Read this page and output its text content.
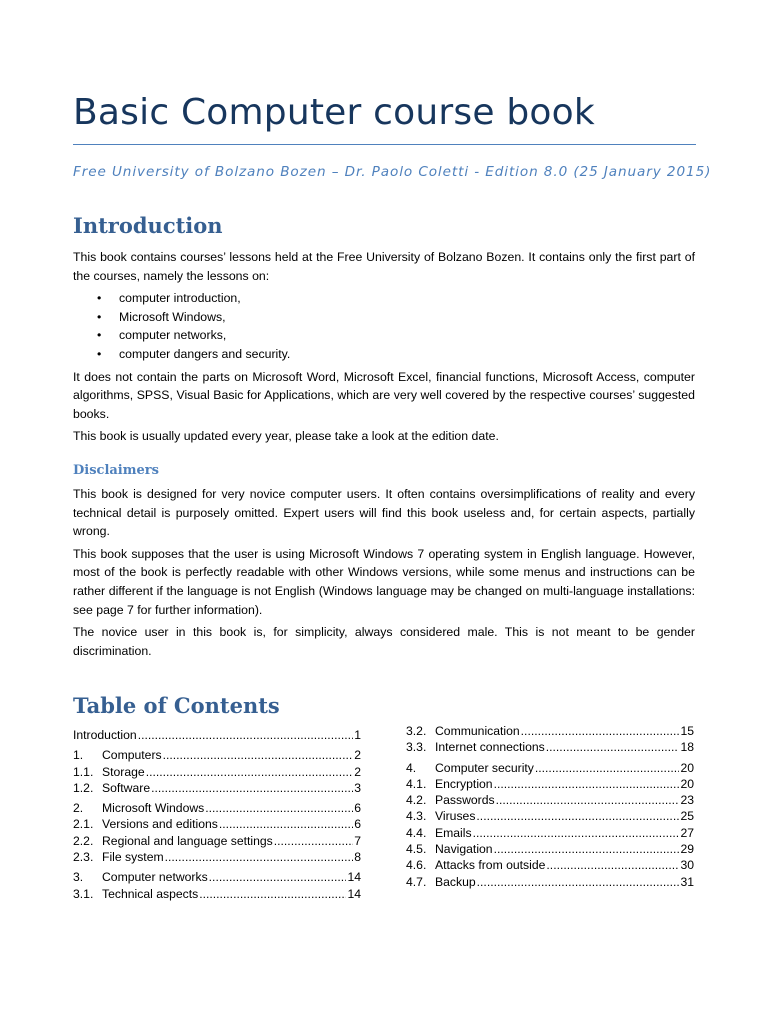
Basic Computer course book
Free University of Bolzano Bozen – Dr. Paolo Coletti - Edition 8.0 (25 January 2015)
Introduction

This book contains courses’ lessons held at the Free University of Bolzano Bozen. It contains only the first part of the courses, namely the lessons on:

• computer introduction,
• Microsoft Windows,
• computer networks,
• computer dangers and security.

It does not contain the parts on Microsoft Word, Microsoft Excel, financial functions, Microsoft Access, computer algorithms, SPSS, Visual Basic for Applications, which are very well covered by the respective courses’ suggested books.

This book is usually updated every year, please take a look at the edition date.

Disclaimers

This book is designed for very novice computer users. It often contains oversimplifications of reality and every technical detail is purposely omitted. Expert users will find this book useless and, for certain aspects, partially wrong.

This book supposes that the user is using Microsoft Windows 7 operating system in English language. However, most of the book is perfectly readable with other Windows versions, while some menus and instructions can be rather different if the language is not English (Windows language may be changed on multi-language installations: see page 7 for further information).

The novice user in this book is, for simplicity, always considered male. This is not meant to be gender discrimination.

Table of Contents
Introduction .....	1
1.	Computers .....	2
1.1. Storage .....	2
1.2. Software .....	3
2.	Microsoft Windows .....	6
2.1. Versions and editions .....	6
2.2. Regional and language settings .....	7
2.3. File system .....	8
3.	Computer networks .....	14
3.1. Technical aspects .....	14
3.2. Communication .....	15
3.3. Internet connections .....	18
4.	Computer security .....	20
4.1. Encryption .....	20
4.2. Passwords .....	23
4.3. Viruses .....	25
4.4. Emails .....	27
4.5. Navigation .....	29
4.6. Attacks from outside .....	30
4.7. Backup .....	31
